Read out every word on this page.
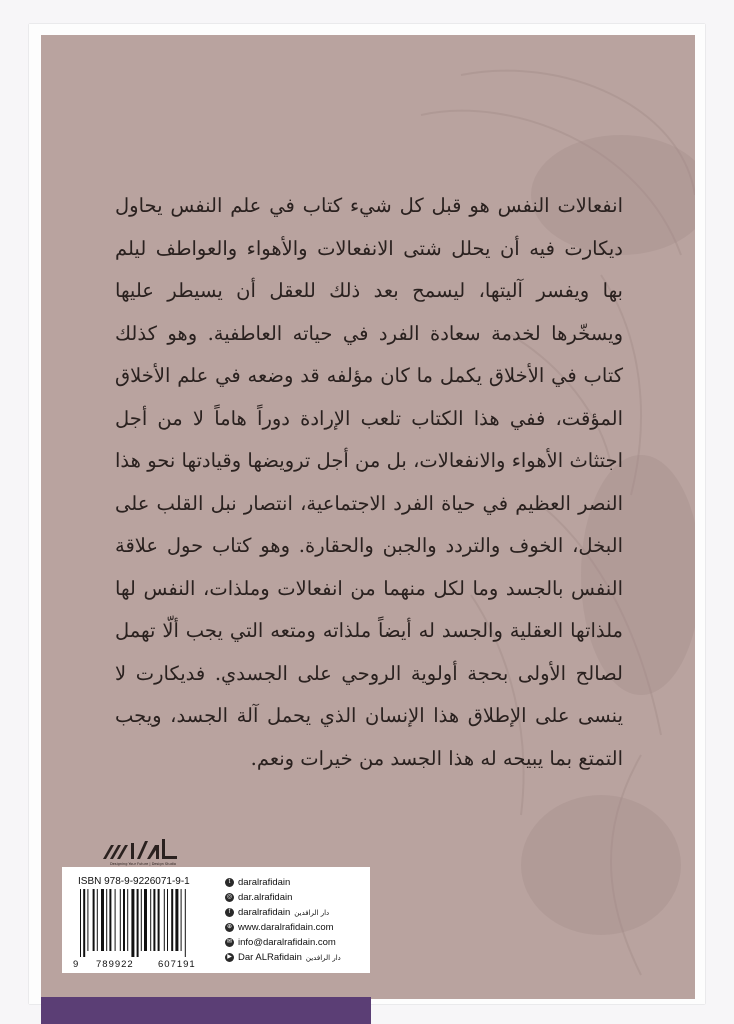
انفعالات النفس هو قبل كل شيء كتاب في علم النفس يحاول ديكارت فيه أن يحلل شتى الانفعالات والأهواء والعواطف ليلم بها ويفسر آليتها، ليسمح بعد ذلك للعقل أن يسيطر عليها ويسخّرها لخدمة سعادة الفرد في حياته العاطفية. وهو كذلك كتاب في الأخلاق يكمل ما كان مؤلفه قد وضعه في علم الأخلاق المؤقت، ففي هذا الكتاب تلعب الإرادة دوراً هاماً لا من أجل اجتثاث الأهواء والانفعالات، بل من أجل ترويضها وقيادتها نحو هذا النصر العظيم في حياة الفرد الاجتماعية، انتصار نبل القلب على البخل، الخوف والتردد والجبن والحقارة. وهو كتاب حول علاقة النفس بالجسد وما لكل منهما من انفعالات وملذات، النفس لها ملذاتها العقلية والجسد له أيضاً ملذاته ومتعه التي يجب ألّا تهمل لصالح الأولى بحجة أولوية الروحي على الجسدي. فديكارت لا ينسى على الإطلاق هذا الإنسان الذي يحمل آلة الجسد، ويجب التمتع بما يبيحه له هذا الجسد من خيرات ونعم.

Designing Your Future | Design Studio
ISBN 978-9-9226071-9-1
9 789922	607191
t daralrafidain
◎ dar.alrafidain
f daralrafidain دار الرافدين
⊕ www.daralrafidain.com
✉ info@daralrafidain.com
▶ Dar ALRafidain دار الرافدين
